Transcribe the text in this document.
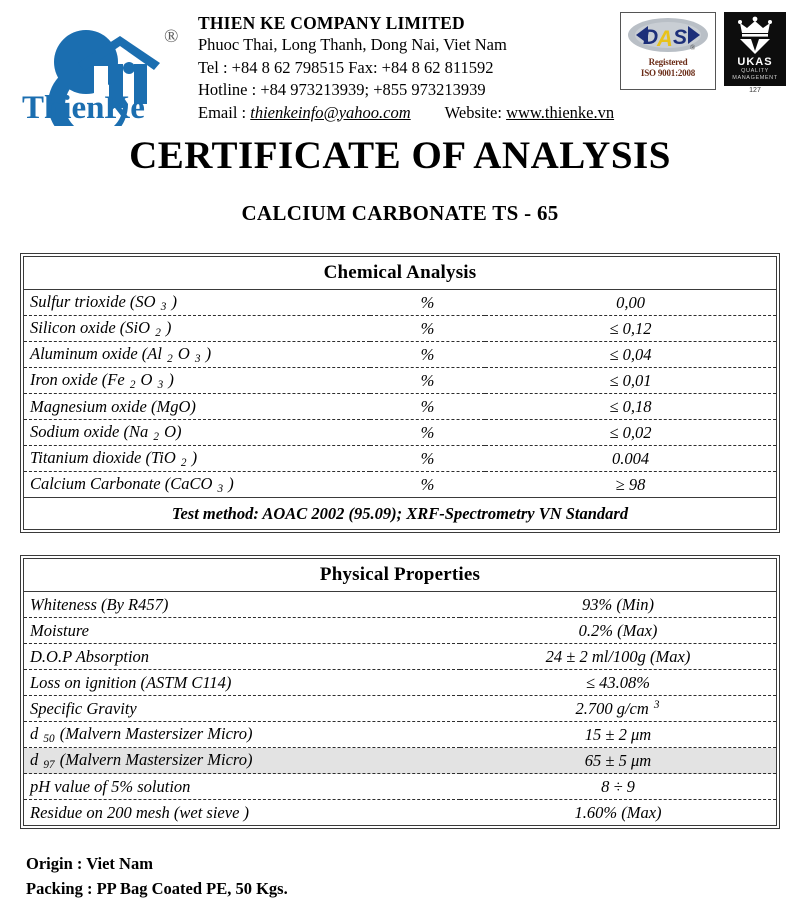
®
ThienKe
THIEN KE COMPANY LIMITED
Phuoc Thai, Long Thanh, Dong Nai, Viet Nam
Tel : +84 8 62 798515 Fax: +84 8 62 811592
Hotline : +84 973213939; +855 973213939
Email : thienkeinfo@yahoo.com Website: www.thienke.vn
D
A S ®
Registered
ISO 9001:2008
UKAS
QUALITY
MANAGEMENT
127
CERTIFICATE OF ANALYSIS
CALCIUM CARBONATE TS - 65
Chemical Analysis
Sulfur trioxide (SO $_3$ )	%	0,00
Silicon oxide (SiO $_2$ )	%	≤ 0,12
Aluminum oxide (Al $_2$ O $_3$ )	%	≤ 0,04
Iron oxide (Fe $_2$ O $_3$ )	%	≤ 0,01
Magnesium oxide (MgO)	%	≤ 0,18
Sodium oxide (Na $_2$ O)	%	≤ 0,02
Titanium dioxide (TiO $_2$ )	%	0.004
Calcium Carbonate (CaCO $_3$ )	%	≥ 98
Test method: AOAC 2002 (95.09); XRF-Spectrometry VN Standard
Physical Properties
Whiteness (By R457)	93% (Min)
Moisture	0.2% (Max)
D.O.P Absorption	24 ± 2 ml/100g (Max)
Loss on ignition (ASTM C114)	≤ 43.08%
Specific Gravity	2.700 g/cm $^3$
d $_{50}$ (Malvern Mastersizer Micro)	15 ± 2 μm
d $_{97}$ (Malvern Mastersizer Micro)	65 ± 5 μm
pH value of 5% solution	8 ÷ 9
Residue on 200 mesh (wet sieve )	1.60% (Max)
Origin : Viet Nam
Packing : PP Bag Coated PE, 50 Kgs.
